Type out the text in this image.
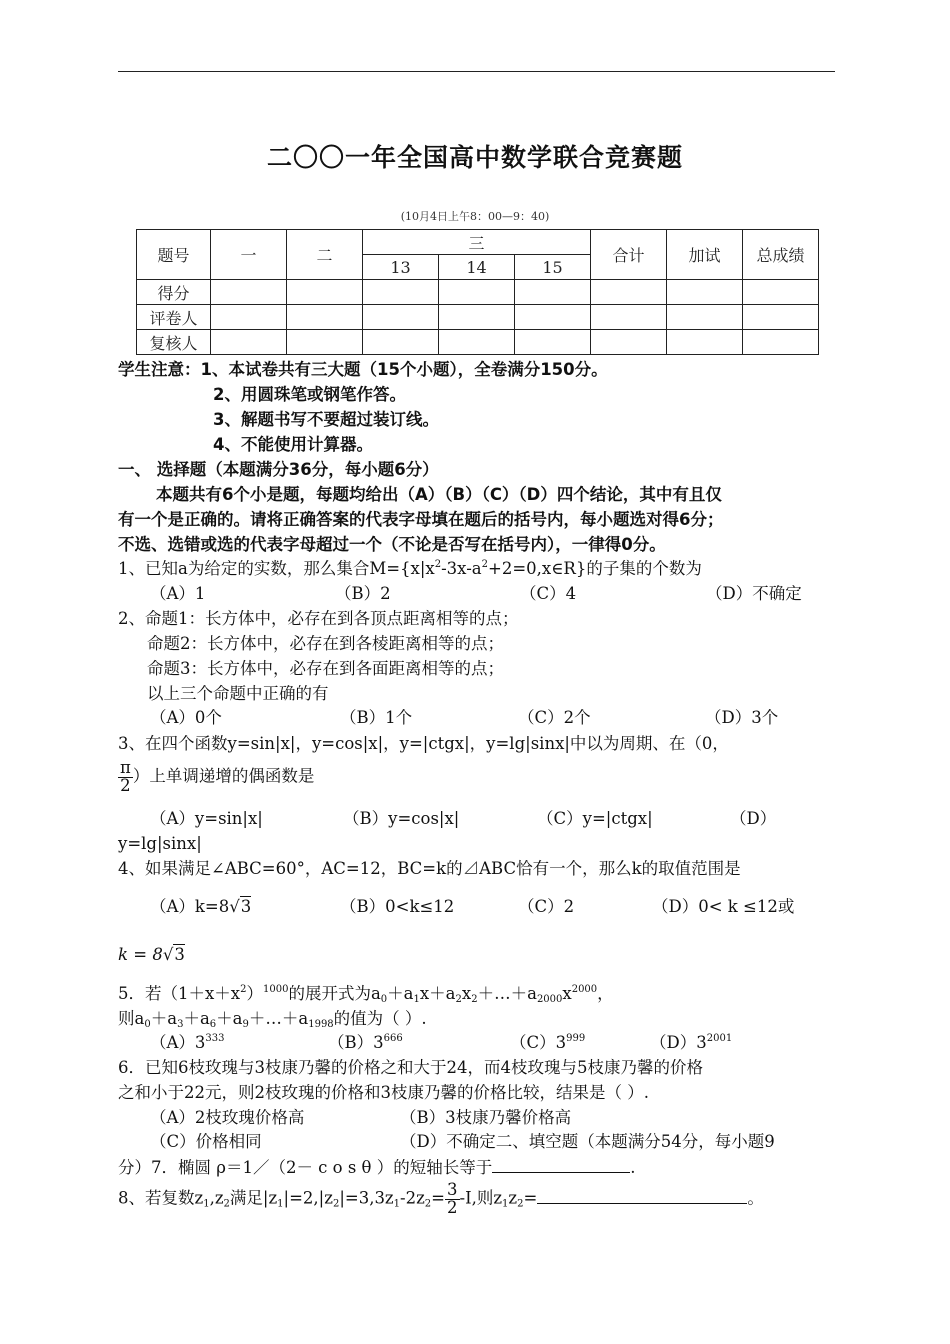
二〇〇一年全国高中数学联合竞赛题
(10月4日上午8：00—9：40)
题号	一	二	三			合计	加试	总成绩
			13	14	15			
得分								
评卷人								
复核人								
学生注意：1、本试卷共有三大题（15个小题），全卷满分150分。
2、用圆珠笔或钢笔作答。
3、解题书写不要超过装订线。
4、不能使用计算器。
一、 选择题（本题满分36分，每小题6分）
本题共有6个小是题，每题均给出（A）（B）（C）（D）四个结论，其中有且仅
有一个是正确的。请将正确答案的代表字母填在题后的括号内，每小题选对得6分；
不选、选错或选的代表字母超过一个（不论是否写在括号内），一律得0分。
1、已知a为给定的实数，那么集合$M=\{x|x^2-3x-a^2+2=0,x\in R\}$的子集的个数为
（A）1	（B）2	（C）4	（D）不确定
2、命题1：长方体中，必存在到各顶点距离相等的点；
命题2：长方体中，必存在到各棱距离相等的点；
命题3：长方体中，必存在到各面距离相等的点；
以上三个命题中正确的有
（A）0个	（B）1个	（C）2个	（D）3个
3、在四个函数y=sin|x|，y=cos|x|，y=|ctgx|，y=lg|sinx|中以为周期、在（0，
$\frac{\pi}{2}$ ）上单调递增的偶函数是
（A）y=sin|x|	（B）y=cos|x|	（C）y=|ctgx|	（D）
y=lg|sinx|
4、如果满足∠ABC=60°，AC=12，BC=k的⊿ABC恰有一个，那么k的取值范围是
（A）k=8√3	（B）0<k≤12	（C）2	（D）0< k ≤12或
k = 8√3
5．若$(1+x+x^2)^{1000}$的展开式为$a_0+a_1x+a_2x_2+\dots+a_{2000}x^{2000}$，
则$a_0+a_3+a_6+a_9+\dots+a_{1998}$的值为（ ）.
$(A)3^{333}$	$(B)3^{666}$	$(C)3^{999}$	$(D)3^{2001}$
6．已知6枝玫瑰与3枝康乃馨的价格之和大于24，而4枝玫瑰与5枝康乃馨的价格
之和小于22元，则2枝玫瑰的价格和3枝康乃馨的价格比较，结果是（ ）.
（A）2枝玫瑰价格高	（B）3枝康乃馨价格高
（C）价格相同	（D）不确定二、填空题（本题满分54分，每小题9
分）7．椭圆 ρ＝1／（2－ c o s θ ）的短轴长等于	.
8、若复数$z_1,z_2$满足$|z_1|=2,|z_2|=3,3z_1-2z_2= \frac{3}{2} -I$,则$z_1z_2=$	。
